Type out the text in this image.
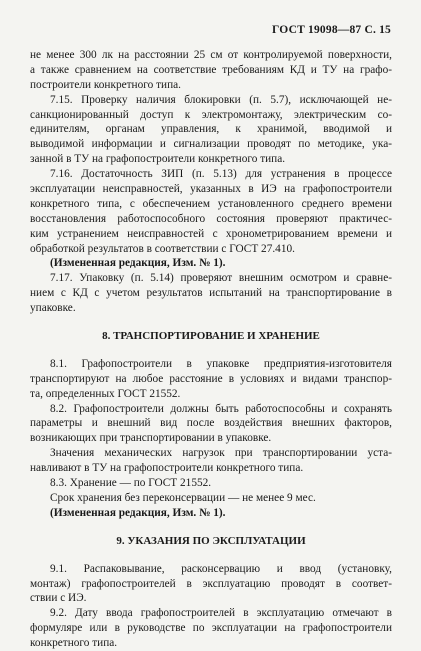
ГОСТ 19098—87 С. 15
не менее 300 лк на расстоянии 25 см от контролируемой поверхности,
а также сравнением на соответствие требованиям КД и ТУ на графо-
построители конкретного типа.
7.15. Проверку наличия блокировки (п. 5.7), исключающей не-
санкционированный доступ к электромонтажу, электрическим со-
единителям, органам управления, к хранимой, вводимой и
выводимой информации и сигнализации проводят по методике, ука-
занной в ТУ на графопостроители конкретного типа.
7.16. Достаточность ЗИП (п. 5.13) для устранения в процессе
эксплуатации неисправностей, указанных в ИЭ на графопостроители
конкретного типа, с обеспечением установленного среднего времени
восстановления работоспособного состояния проверяют практичес-
ким устранением неисправностей с хронометрированием времени и
обработкой результатов в соответствии с ГОСТ 27.410.
(Измененная редакция, Изм. № 1).
7.17. Упаковку (п. 5.14) проверяют внешним осмотром и сравне-
нием с КД с учетом результатов испытаний на транспортирование в
упаковке.
8. ТРАНСПОРТИРОВАНИЕ И ХРАНЕНИЕ
8.1. Графопостроители в упаковке предприятия-изготовителя
транспортируют на любое расстояние в условиях и видами транспор-
та, определенных ГОСТ 21552.
8.2. Графопостроители должны быть работоспособны и сохранять
параметры и внешний вид после воздействия внешних факторов,
возникающих при транспортировании в упаковке.
Значения механических нагрузок при транспортировании уста-
навливают в ТУ на графопостроители конкретного типа.
8.3. Хранение — по ГОСТ 21552.
Срок хранения без переконсервации — не менее 9 мес.
(Измененная редакция, Изм. № 1).
9. УКАЗАНИЯ ПО ЭКСПЛУАТАЦИИ
9.1. Распаковывание, расконсервацию и ввод (установку,
монтаж) графопостроителей в эксплуатацию проводят в соответ-
ствии с ИЭ.
9.2. Дату ввода графопостроителей в эксплуатацию отмечают в
формуляре или в руководстве по эксплуатации на графопостроители
конкретного типа.
